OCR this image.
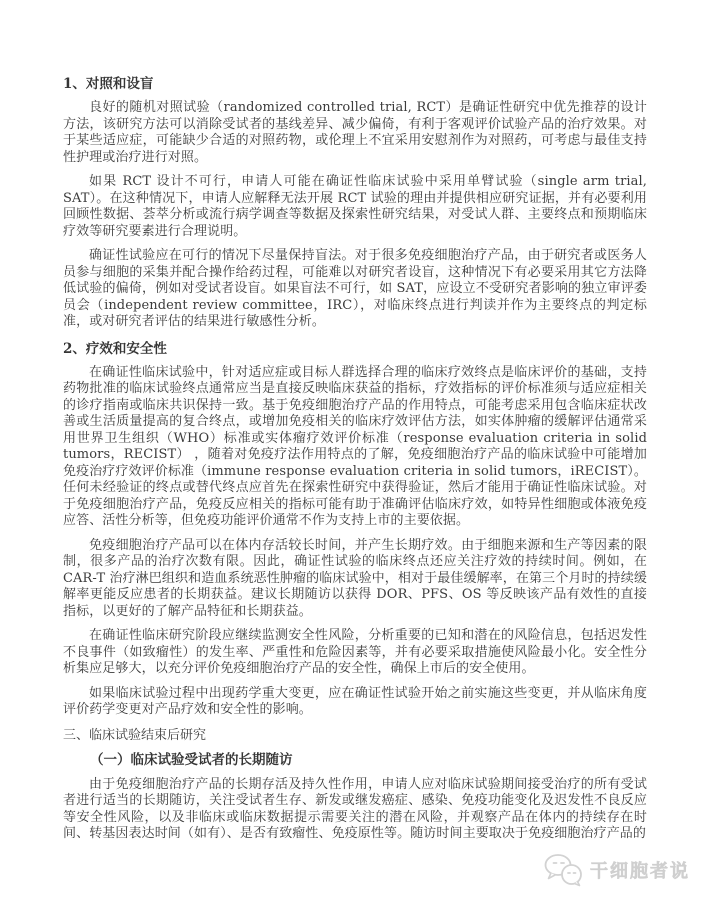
1、对照和设盲

良好的随机对照试验（randomized controlled trial, RCT）是确证性研究中优先推荐的设计方法，该研究方法可以消除受试者的基线差异、减少偏倚，有利于客观评价试验产品的治疗效果。对于某些适应症，可能缺少合适的对照药物，或伦理上不宜采用安慰剂作为对照药，可考虑与最佳支持性护理或治疗进行对照。

如果 RCT 设计不可行，申请人可能在确证性临床试验中采用单臂试验（single arm trial, SAT）。在这种情况下，申请人应解释无法开展 RCT 试验的理由并提供相应研究证据，并有必要利用回顾性数据、荟萃分析或流行病学调查等数据及探索性研究结果，对受试人群、主要终点和预期临床疗效等研究要素进行合理说明。

确证性试验应在可行的情况下尽量保持盲法。对于很多免疫细胞治疗产品，由于研究者或医务人员参与细胞的采集并配合操作给药过程，可能难以对研究者设盲，这种情况下有必要采用其它方法降低试验的偏倚，例如对受试者设盲。如果盲法不可行，如 SAT，应设立不受研究者影响的独立审评委员会（independent review committee，IRC），对临床终点进行判读并作为主要终点的判定标准，或对研究者评估的结果进行敏感性分析。

2、疗效和安全性

在确证性临床试验中，针对适应症或目标人群选择合理的临床疗效终点是临床评价的基础，支持药物批准的临床试验终点通常应当是直接反映临床获益的指标，疗效指标的评价标准须与适应症相关的诊疗指南或临床共识保持一致。基于免疫细胞治疗产品的作用特点，可能考虑采用包含临床症状改善或生活质量提高的复合终点，或增加免疫相关的临床疗效评估方法，如实体肿瘤的缓解评估通常采用世界卫生组织（WHO）标准或实体瘤疗效评价标准（response evaluation criteria in solid tumors，RECIST） ，随着对免疫疗法作用特点的了解，免疫细胞治疗产品的临床试验中可能增加免疫治疗疗效评价标准（immune response evaluation criteria in solid tumors，iRECIST）。任何未经验证的终点或替代终点应首先在探索性研究中获得验证，然后才能用于确证性临床试验。对于免疫细胞治疗产品，免疫反应相关的指标可能有助于准确评估临床疗效，如特异性细胞或体液免疫应答、活性分析等，但免疫功能评价通常不作为支持上市的主要依据。

免疫细胞治疗产品可以在体内存活较长时间，并产生长期疗效。由于细胞来源和生产等因素的限制，很多产品的治疗次数有限。因此，确证性试验的临床终点还应关注疗效的持续时间。例如，在 CAR-T 治疗淋巴组织和造血系统恶性肿瘤的临床试验中，相对于最佳缓解率，在第三个月时的持续缓解率更能反应患者的长期获益。建议长期随访以获得 DOR、PFS、OS 等反映该产品有效性的直接指标，以更好的了解产品特征和长期获益。

在确证性临床研究阶段应继续监测安全性风险，分析重要的已知和潜在的风险信息，包括迟发性不良事件（如致瘤性）的发生率、严重性和危险因素等，并有必要采取措施使风险最小化。安全性分析集应足够大，以充分评价免疫细胞治疗产品的安全性，确保上市后的安全使用。

如果临床试验过程中出现药学重大变更，应在确证性试验开始之前实施这些变更，并从临床角度评价药学变更对产品疗效和安全性的影响。

三、临床试验结束后研究
（一）临床试验受试者的长期随访

由于免疫细胞治疗产品的长期存活及持久性作用，申请人应对临床试验期间接受治疗的所有受试者进行适当的长期随访，关注受试者生存、新发或继发癌症、感染、免疫功能变化及迟发性不良反应等安全性风险，以及非临床或临床数据提示需要关注的潜在风险，并观察产品在体内的持续存在时间、转基因表达时间（如有）、是否有致瘤性、免疫原性等。随访时间主要取决于免疫细胞治疗产品的

干细胞者说
